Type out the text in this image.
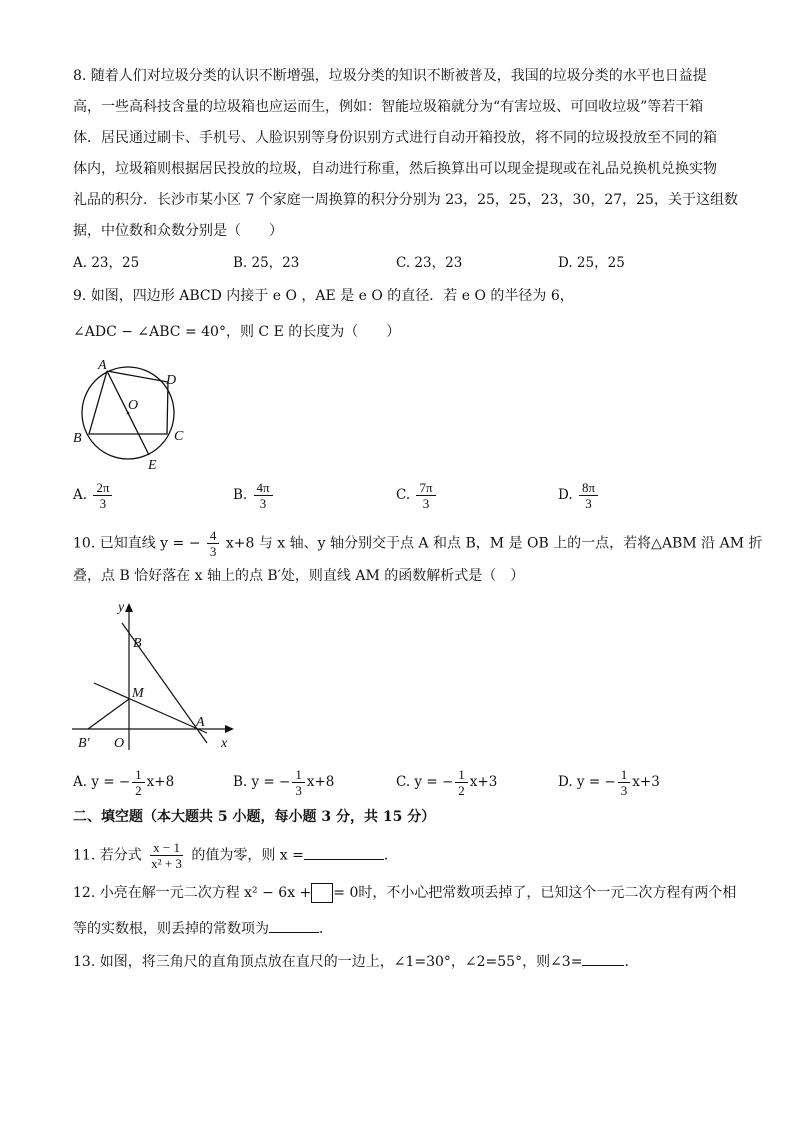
8. 随着人们对垃圾分类的认识不断增强，垃圾分类的知识不断被普及，我国的垃圾分类的水平也日益提
高，一些高科技含量的垃圾箱也应运而生，例如：智能垃圾箱就分为“有害垃圾、可回收垃圾”等若干箱
体．居民通过刷卡、手机号、人脸识别等身份识别方式进行自动开箱投放，将不同的垃圾投放至不同的箱
体内，垃圾箱则根据居民投放的垃圾，自动进行称重，然后换算出可以现金提现或在礼品兑换机兑换实物
礼品的积分．长沙市某小区 7 个家庭一周换算的积分分别为 23，25，25，23，30，27，25，关于这组数
据，中位数和众数分别是（　　）
A. 23，25	B. 25，23	C. 23，23	D. 25，25
9. 如图，四边形 ABCD 内接于 e O ，AE 是 e O 的直径．若 e O 的半径为 6，
∠ADC − ∠ABC = 40°，则 C E 的长度为（　　）
A
D
O
B	C
E
A. $\frac{2\pi}{3}$	B. $\frac{4\pi}{3}$	C. $\frac{7\pi}{3}$	D. $\frac{8\pi}{3}$
10. 已知直线 y = − $\frac{4}{3} x+8$ 与 x 轴、y 轴分别交于点 A 和点 B，M 是 OB 上的一点，若将△ABM 沿 AM 折
叠，点 B 恰好落在 x 轴上的点 B′处，则直线 AM 的函数解析式是（　）
y
B
M
A
B′ O	x
A. y = − $\frac{1}{2} x+8$	B. y = − $\frac{1}{3} x+8$	C. y = − $\frac{1}{2} x+3$	D. y = − $\frac{1}{3} x+3$
二、填空题（本大题共 5 小题，每小题 3 分，共 15 分）
11. 若分式 $\frac{x - 1}{\text{x² + 3}}$ 的值为零，则 x =	．
12. 小亮在解一元二次方程 x² − 6x + = 0时，不小心把常数项丢掉了，已知这个一元二次方程有两个相
等的实数根，则丢掉的常数项为	．
13. 如图，将三角尺的直角顶点放在直尺的一边上，∠1=30°，∠2=55°，则∠3=	．
